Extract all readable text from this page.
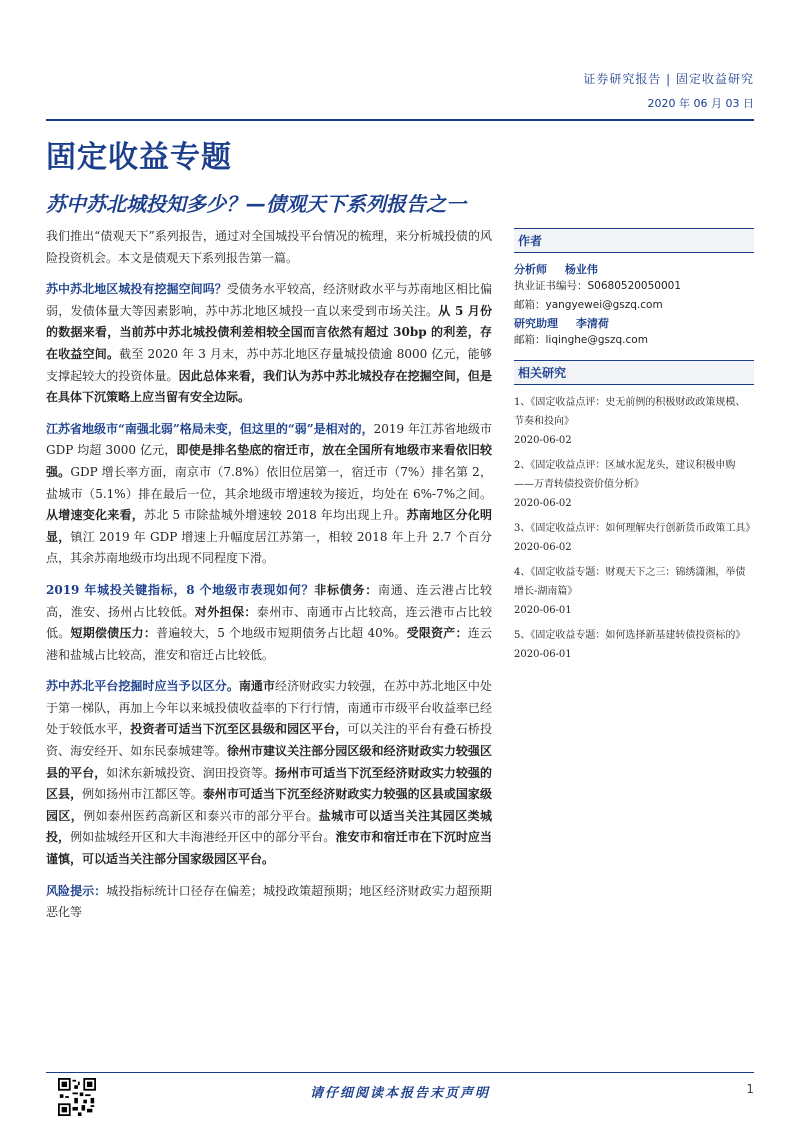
证券研究报告 | 固定收益研究
2020 年 06 月 03 日
固定收益专题
苏中苏北城投知多少？—债观天下系列报告之一

我们推出“债观天下”系列报告，通过对全国城投平台情况的梳理，来分析城投债的风险投资机会。本文是债观天下系列报告第一篇。

苏中苏北地区城投有挖掘空间吗？受债务水平较高，经济财政水平与苏南地区相比偏弱，发债体量大等因素影响，苏中苏北地区城投一直以来受到市场关注。从 5 月份的数据来看，当前苏中苏北城投债利差相较全国而言依然有超过 30bp 的利差，存在收益空间。截至 2020 年 3 月末，苏中苏北地区存量城投债逾 8000 亿元，能够支撑起较大的投资体量。因此总体来看，我们认为苏中苏北城投存在挖掘空间，但是在具体下沉策略上应当留有安全边际。

江苏省地级市“南强北弱”格局未变，但这里的“弱”是相对的，2019 年江苏省地级市 GDP 均超 3000 亿元，即使是排名垫底的宿迁市，放在全国所有地级市来看依旧较强。GDP 增长率方面，南京市（7.8%）依旧位居第一，宿迁市（7%）排名第 2，盐城市（5.1%）排在最后一位，其余地级市增速较为接近，均处在 6%-7%之间。从增速变化来看，苏北 5 市除盐城外增速较 2018 年均出现上升。苏南地区分化明显，镇江 2019 年 GDP 增速上升幅度居江苏第一，相较 2018 年上升 2.7 个百分点，其余苏南地级市均出现不同程度下滑。

2019 年城投关键指标，8 个地级市表现如何？非标债务：南通、连云港占比较高，淮安、扬州占比较低。对外担保：泰州市、南通市占比较高，连云港市占比较低。短期偿债压力：普遍较大，5 个地级市短期债务占比超 40%。受限资产：连云港和盐城占比较高，淮安和宿迁占比较低。

苏中苏北平台挖掘时应当予以区分。南通市经济财政实力较强，在苏中苏北地区中处于第一梯队，再加上今年以来城投债收益率的下行行情，南通市市级平台收益率已经处于较低水平，投资者可适当下沉至区县级和园区平台，可以关注的平台有叠石桥投资、海安经开、如东民泰城建等。徐州市建议关注部分园区级和经济财政实力较强区县的平台，如沭东新城投资、润田投资等。扬州市可适当下沉至经济财政实力较强的区县，例如扬州市江都区等。泰州市可适当下沉至经济财政实力较强的区县或国家级园区，例如泰州医药高新区和泰兴市的部分平台。盐城市可以适当关注其园区类城投，例如盐城经开区和大丰海港经开区中的部分平台。淮安市和宿迁市在下沉时应当谨慎，可以适当关注部分国家级园区平台。

风险提示：城投指标统计口径存在偏差；城投政策超预期；地区经济财政实力超预期恶化等

作者
分析师 杨业伟
执业证书编号：S0680520050001
邮箱：yangyewei@gszq.com
研究助理 李清荷
邮箱：liqinghe@gszq.com
相关研究
1、《固定收益点评：史无前例的积极财政政策规模、节奏和投向》
2020-06-02
2、《固定收益点评：区域水泥龙头，建议积极申购——万青转债投资价值分析》
2020-06-02
3、《固定收益点评：如何理解央行创新货币政策工具》
2020-06-02
4、《固定收益专题：财观天下之三：锦绣潇湘，举债增长-湖南篇》
2020-06-01
5、《固定收益专题：如何选择新基建转债投资标的》
2020-06-01
请仔细阅读本报告末页声明	1
